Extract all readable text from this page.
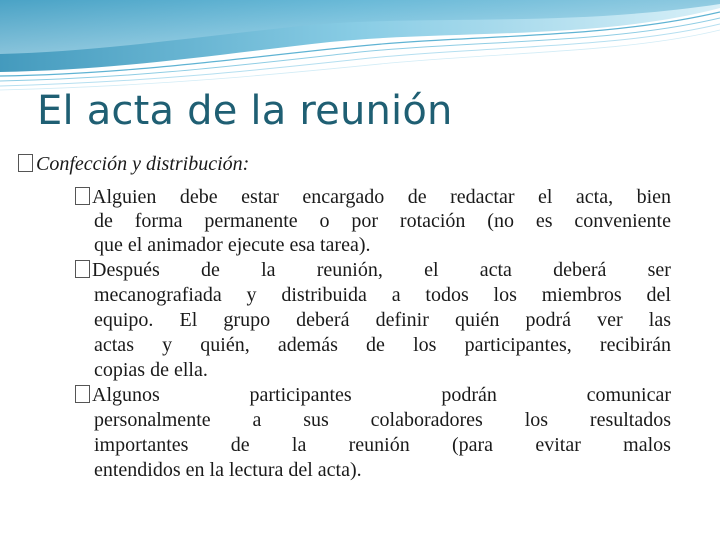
El acta de la reunión
Confección y distribución:
Alguien debe estar encargado de redactar el acta, bien
de forma permanente o por rotación (no es conveniente
que el animador ejecute esa tarea).
Después de la reunión, el acta deberá ser
mecanografiada y distribuida a todos los miembros del
equipo. El grupo deberá definir quién podrá ver las
actas y quién, además de los participantes, recibirán
copias de ella.
Algunos	participantes	podrán	comunicar
personalmente a sus colaboradores los resultados
importantes de la reunión (para evitar malos
entendidos en la lectura del acta).
